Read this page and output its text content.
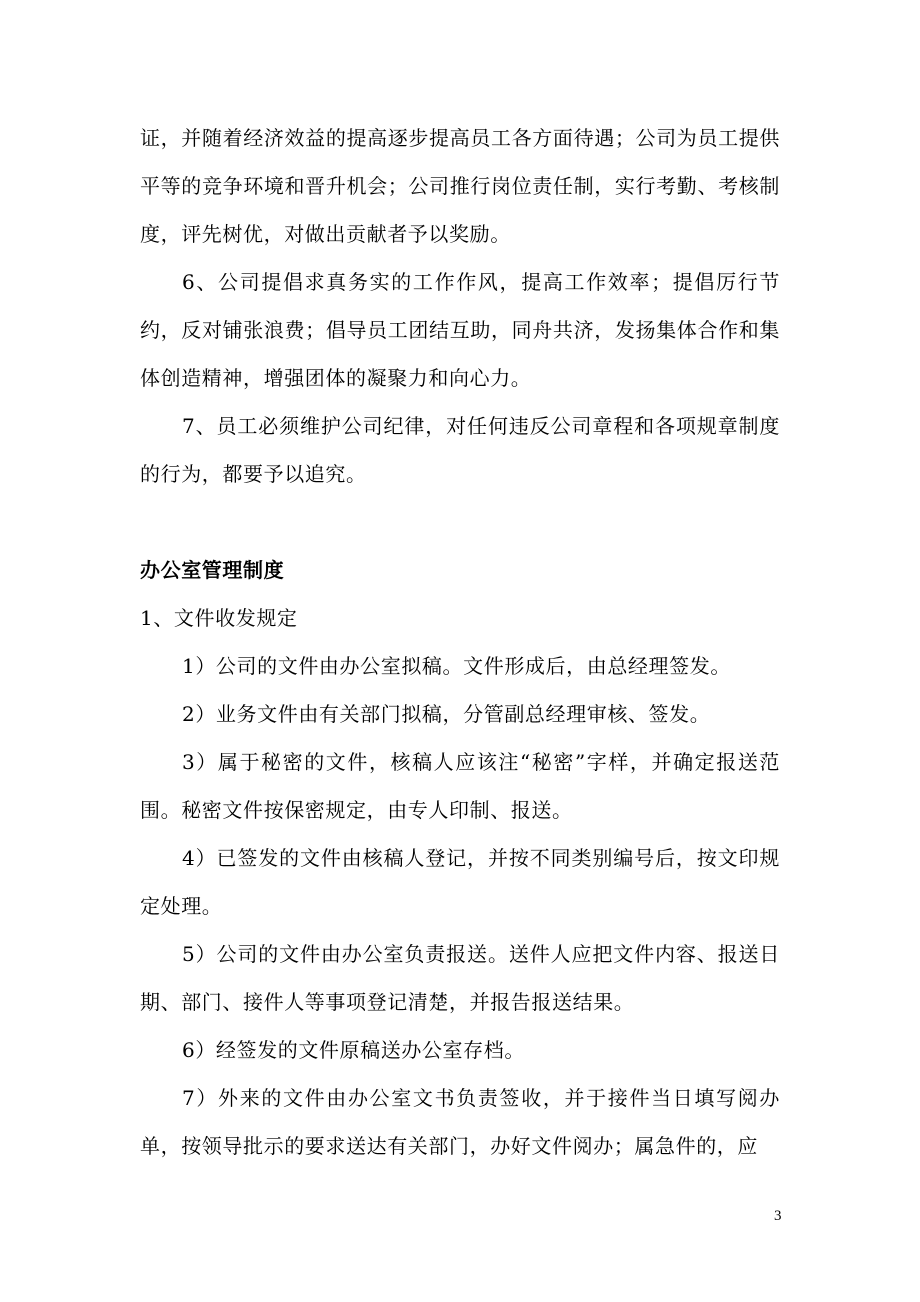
证，并随着经济效益的提高逐步提高员工各方面待遇；公司为员工提供平等的竞争环境和晋升机会；公司推行岗位责任制，实行考勤、考核制度，评先树优，对做出贡献者予以奖励。

6、公司提倡求真务实的工作作风，提高工作效率；提倡厉行节约，反对铺张浪费；倡导员工团结互助，同舟共济，发扬集体合作和集体创造精神，增强团体的凝聚力和向心力。

7、员工必须维护公司纪律，对任何违反公司章程和各项规章制度的行为，都要予以追究。

办公室管理制度

1、文件收发规定

1）公司的文件由办公室拟稿。文件形成后，由总经理签发。

2）业务文件由有关部门拟稿，分管副总经理审核、签发。

3）属于秘密的文件，核稿人应该注“秘密”字样，并确定报送范围。秘密文件按保密规定，由专人印制、报送。

4）已签发的文件由核稿人登记，并按不同类别编号后，按文印规定处理。

5）公司的文件由办公室负责报送。送件人应把文件内容、报送日期、部门、接件人等事项登记清楚，并报告报送结果。

6）经签发的文件原稿送办公室存档。

7）外来的文件由办公室文书负责签收，并于接件当日填写阅办单，按领导批示的要求送达有关部门，办好文件阅办；属急件的，应

3
